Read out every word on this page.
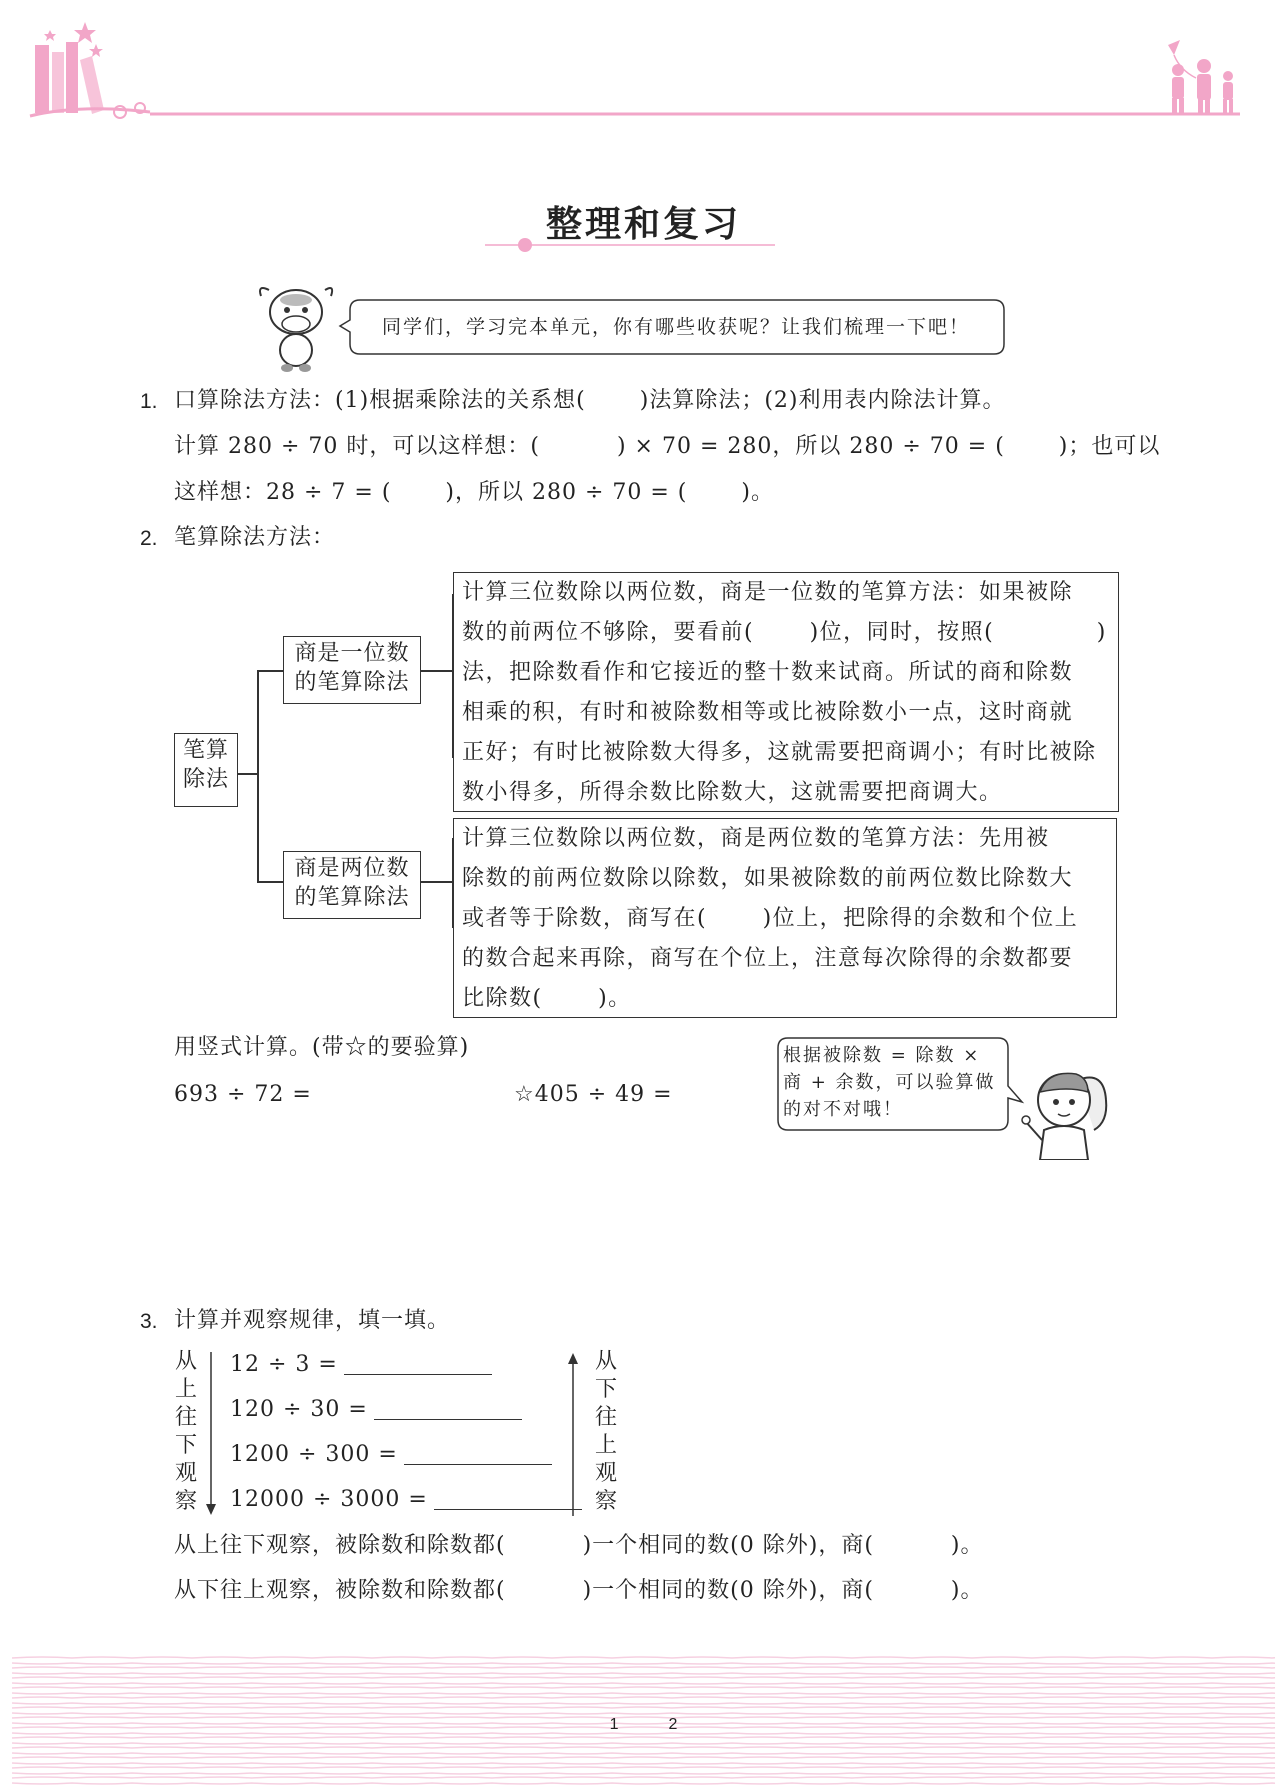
整理和复习
同学们，学习完本单元，你有哪些收获呢？让我们梳理一下吧！
1. 口算除法方法：(1)根据乘除法的关系想(　　 )法算除法；(2)利用表内除法计算。
计算 280 ÷ 70 时，可以这样想：(　　　 ) × 70 = 280，所以 280 ÷ 70 = (　　 )；也可以
这样想：28 ÷ 7 = (　　 )，所以 280 ÷ 70 = (　　 )。
2. 笔算除法方法：
笔算
除法
商是一位数
的笔算除法
商是两位数
的笔算除法
计算三位数除以两位数，商是一位数的笔算方法：如果被除
数的前两位不够除，要看前(　　 )位，同时，按照(　　　　 )
法，把除数看作和它接近的整十数来试商。所试的商和除数
相乘的积，有时和被除数相等或比被除数小一点，这时商就
正好；有时比被除数大得多，这就需要把商调小；有时比被除
数小得多，所得余数比除数大，这就需要把商调大。
计算三位数除以两位数，商是两位数的笔算方法：先用被
除数的前两位数除以除数，如果被除数的前两位数比除数大
或者等于除数，商写在(　　 )位上，把除得的余数和个位上
的数合起来再除，商写在个位上，注意每次除得的余数都要
比除数(　　 )。
用竖式计算。(带☆的要验算)
693 ÷ 72 =	☆405 ÷ 49 =
根据被除数 = 除数 ×
商 + 余数，可以验算做
的对不对哦！
3. 计算并观察规律，填一填。
从
上
往
下
观
察
12 ÷ 3 =
120 ÷ 30 =
1200 ÷ 300 =
12000 ÷ 3000 =
从
下
往
上
观
察
从上往下观察，被除数和除数都(　　　 )一个相同的数(0 除外)，商(　　　 )。
从下往上观察，被除数和除数都(　　　 )一个相同的数(0 除外)，商(　　　 )。
12
